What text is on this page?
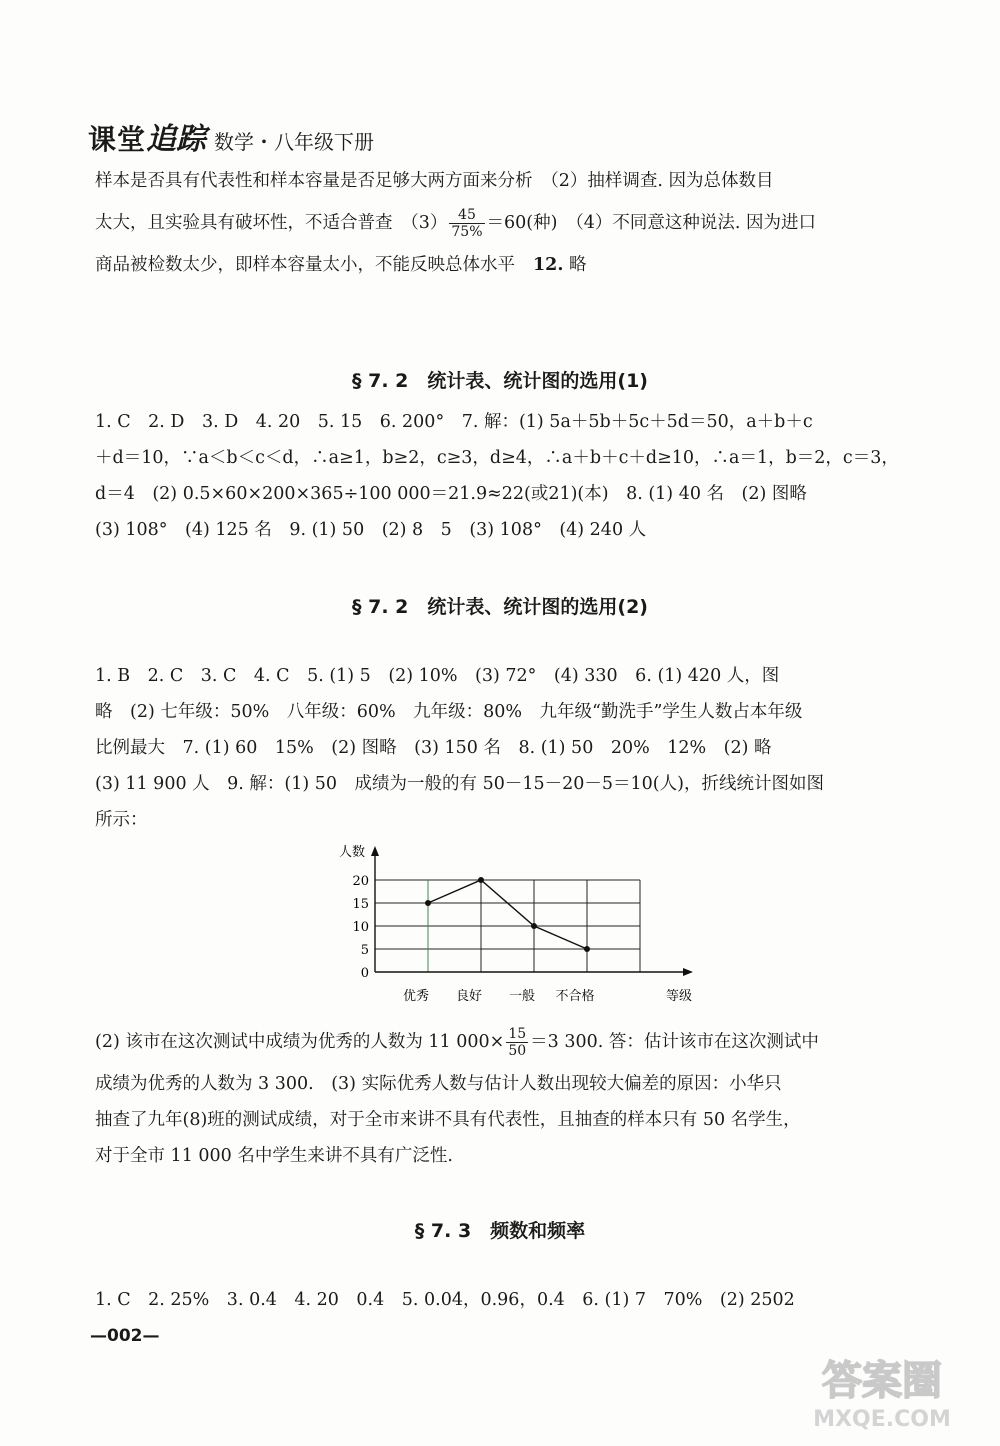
课堂 追踪 数学・八年级下册
样本是否具有代表性和样本容量是否足够大两方面来分析　（2）抽样调查. 因为总体数目
太大，且实验具有破坏性，不适合普查　$(3) \frac{45}{75\%} =60$(种)　（4）不同意这种说法. 因为进口
商品被检数太少，即样本容量太小，不能反映总体水平 12. 略
§ 7. 2　统计表、统计图的选用(1)
1. C　2. D　3. D　4. 20　5. 15　6. 200°　7. 解：(1) 5a＋5b＋5c＋5d＝50，a＋b＋c
＋d＝10，∵a＜b＜c＜d，∴a≥1，b≥2，c≥3，d≥4，∴a＋b＋c＋d≥10，∴a＝1，b＝2，c＝3，
d＝4　(2) 0.5×60×200×365÷100 000＝21.9≈22(或21)(本)　8. (1) 40 名　(2) 图略
(3) 108°　(4) 125 名　9. (1) 50　(2) 8　5　(3) 108°　(4) 240 人
§ 7. 2　统计表、统计图的选用(2)
1. B　2. C　3. C　4. C　5. (1) 5　(2) 10%　(3) 72°　(4) 330　6. (1) 420 人，图
略　(2) 七年级：50%　八年级：60%　九年级：80%　九年级“勤洗手”学生人数占本年级
比例最大　7. (1) 60　15%　(2) 图略　(3) 150 名　8. (1) 50　20%　12%　(2) 略
(3) 11 900 人　9. 解：(1) 50　成绩为一般的有 50－15－20－5＝10(人)，折线统计图如图
所示：
0
5
10
15
20
优秀 良好 一般 不合格
人数
等级
(2) 该市在这次测试中成绩为优秀的人数为 11 $000\times \frac{15}{50} =3$ 300. 答：估计该市在这次测试中
成绩为优秀的人数为 3 300.　(3) 实际优秀人数与估计人数出现较大偏差的原因：小华只
抽查了九年(8)班的测试成绩，对于全市来讲不具有代表性，且抽查的样本只有 50 名学生，
对于全市 11 000 名中学生来讲不具有广泛性.
§ 7. 3　频数和频率
1. C　2. 25%　3. 0.4　4. 20　0.4　5. 0.04，0.96，0.4　6. (1) 7　70%　(2) 2502
—002—
答案圈
MXQE.COM
